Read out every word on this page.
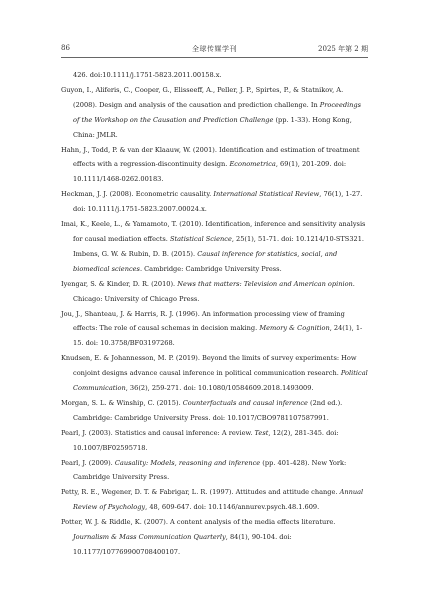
86	全球传媒学刊	2025 年第 2 期
426. doi:10.1111/j.1751-5823.2011.00158.x.
Guyon, I., Aliferis, C., Cooper, G., Elisseeff, A., Peller, J. P., Spirtes, P., & Statnikov, A. (2008). Design and analysis of the causation and prediction challenge. In Proceedings of the Workshop on the Causation and Prediction Challenge (pp. 1-33). Hong Kong, China: JMLR.
Hahn, J., Todd, P. & van der Klaauw, W. (2001). Identification and estimation of treatment effects with a regression-discontinuity design. Econometrica, 69(1), 201-209. doi: 10.1111/1468-0262.00183.
Heckman, J. J. (2008). Econometric causality. International Statistical Review, 76(1), 1-27. doi: 10.1111/j.1751-5823.2007.00024.x.
Imai, K., Keele, L., & Yamamoto, T. (2010). Identification, inference and sensitivity analysis for causal mediation effects. Statistical Science, 25(1), 51-71. doi: 10.1214/10-STS321. Imbens, G. W. & Rubin, D. B. (2015). Causal inference for statistics, social, and biomedical sciences. Cambridge: Cambridge University Press.
Iyengar, S. & Kinder, D. R. (2010). News that matters: Television and American opinion. Chicago: University of Chicago Press.
Jou, J., Shanteau, J. & Harris, R. J. (1996). An information processing view of framing effects: The role of causal schemas in decision making. Memory & Cognition, 24(1), 1-15. doi: 10.3758/BF03197268.
Knudsen, E. & Johannesson, M. P. (2019). Beyond the limits of survey experiments: How conjoint designs advance causal inference in political communication research. Political Communication, 36(2), 259-271. doi: 10.1080/10584609.2018.1493009.
Morgan, S. L. & Winship, C. (2015). Counterfactuals and causal inference (2nd ed.). Cambridge: Cambridge University Press. doi: 10.1017/CBO9781107587991.
Pearl, J. (2003). Statistics and causal inference: A review. Test, 12(2), 281-345. doi: 10.1007/BF02595718.
Pearl, J. (2009). Causality: Models, reasoning and inference (pp. 401-428). New York: Cambridge University Press.
Petty, R. E., Wegener, D. T. & Fabrigar, L. R. (1997). Attitudes and attitude change. Annual Review of Psychology, 48, 609-647. doi: 10.1146/annurev.psych.48.1.609.
Potter, W. J. & Riddle, K. (2007). A content analysis of the media effects literature. Journalism & Mass Communication Quarterly, 84(1), 90-104. doi: 10.1177/107769900708400107.
